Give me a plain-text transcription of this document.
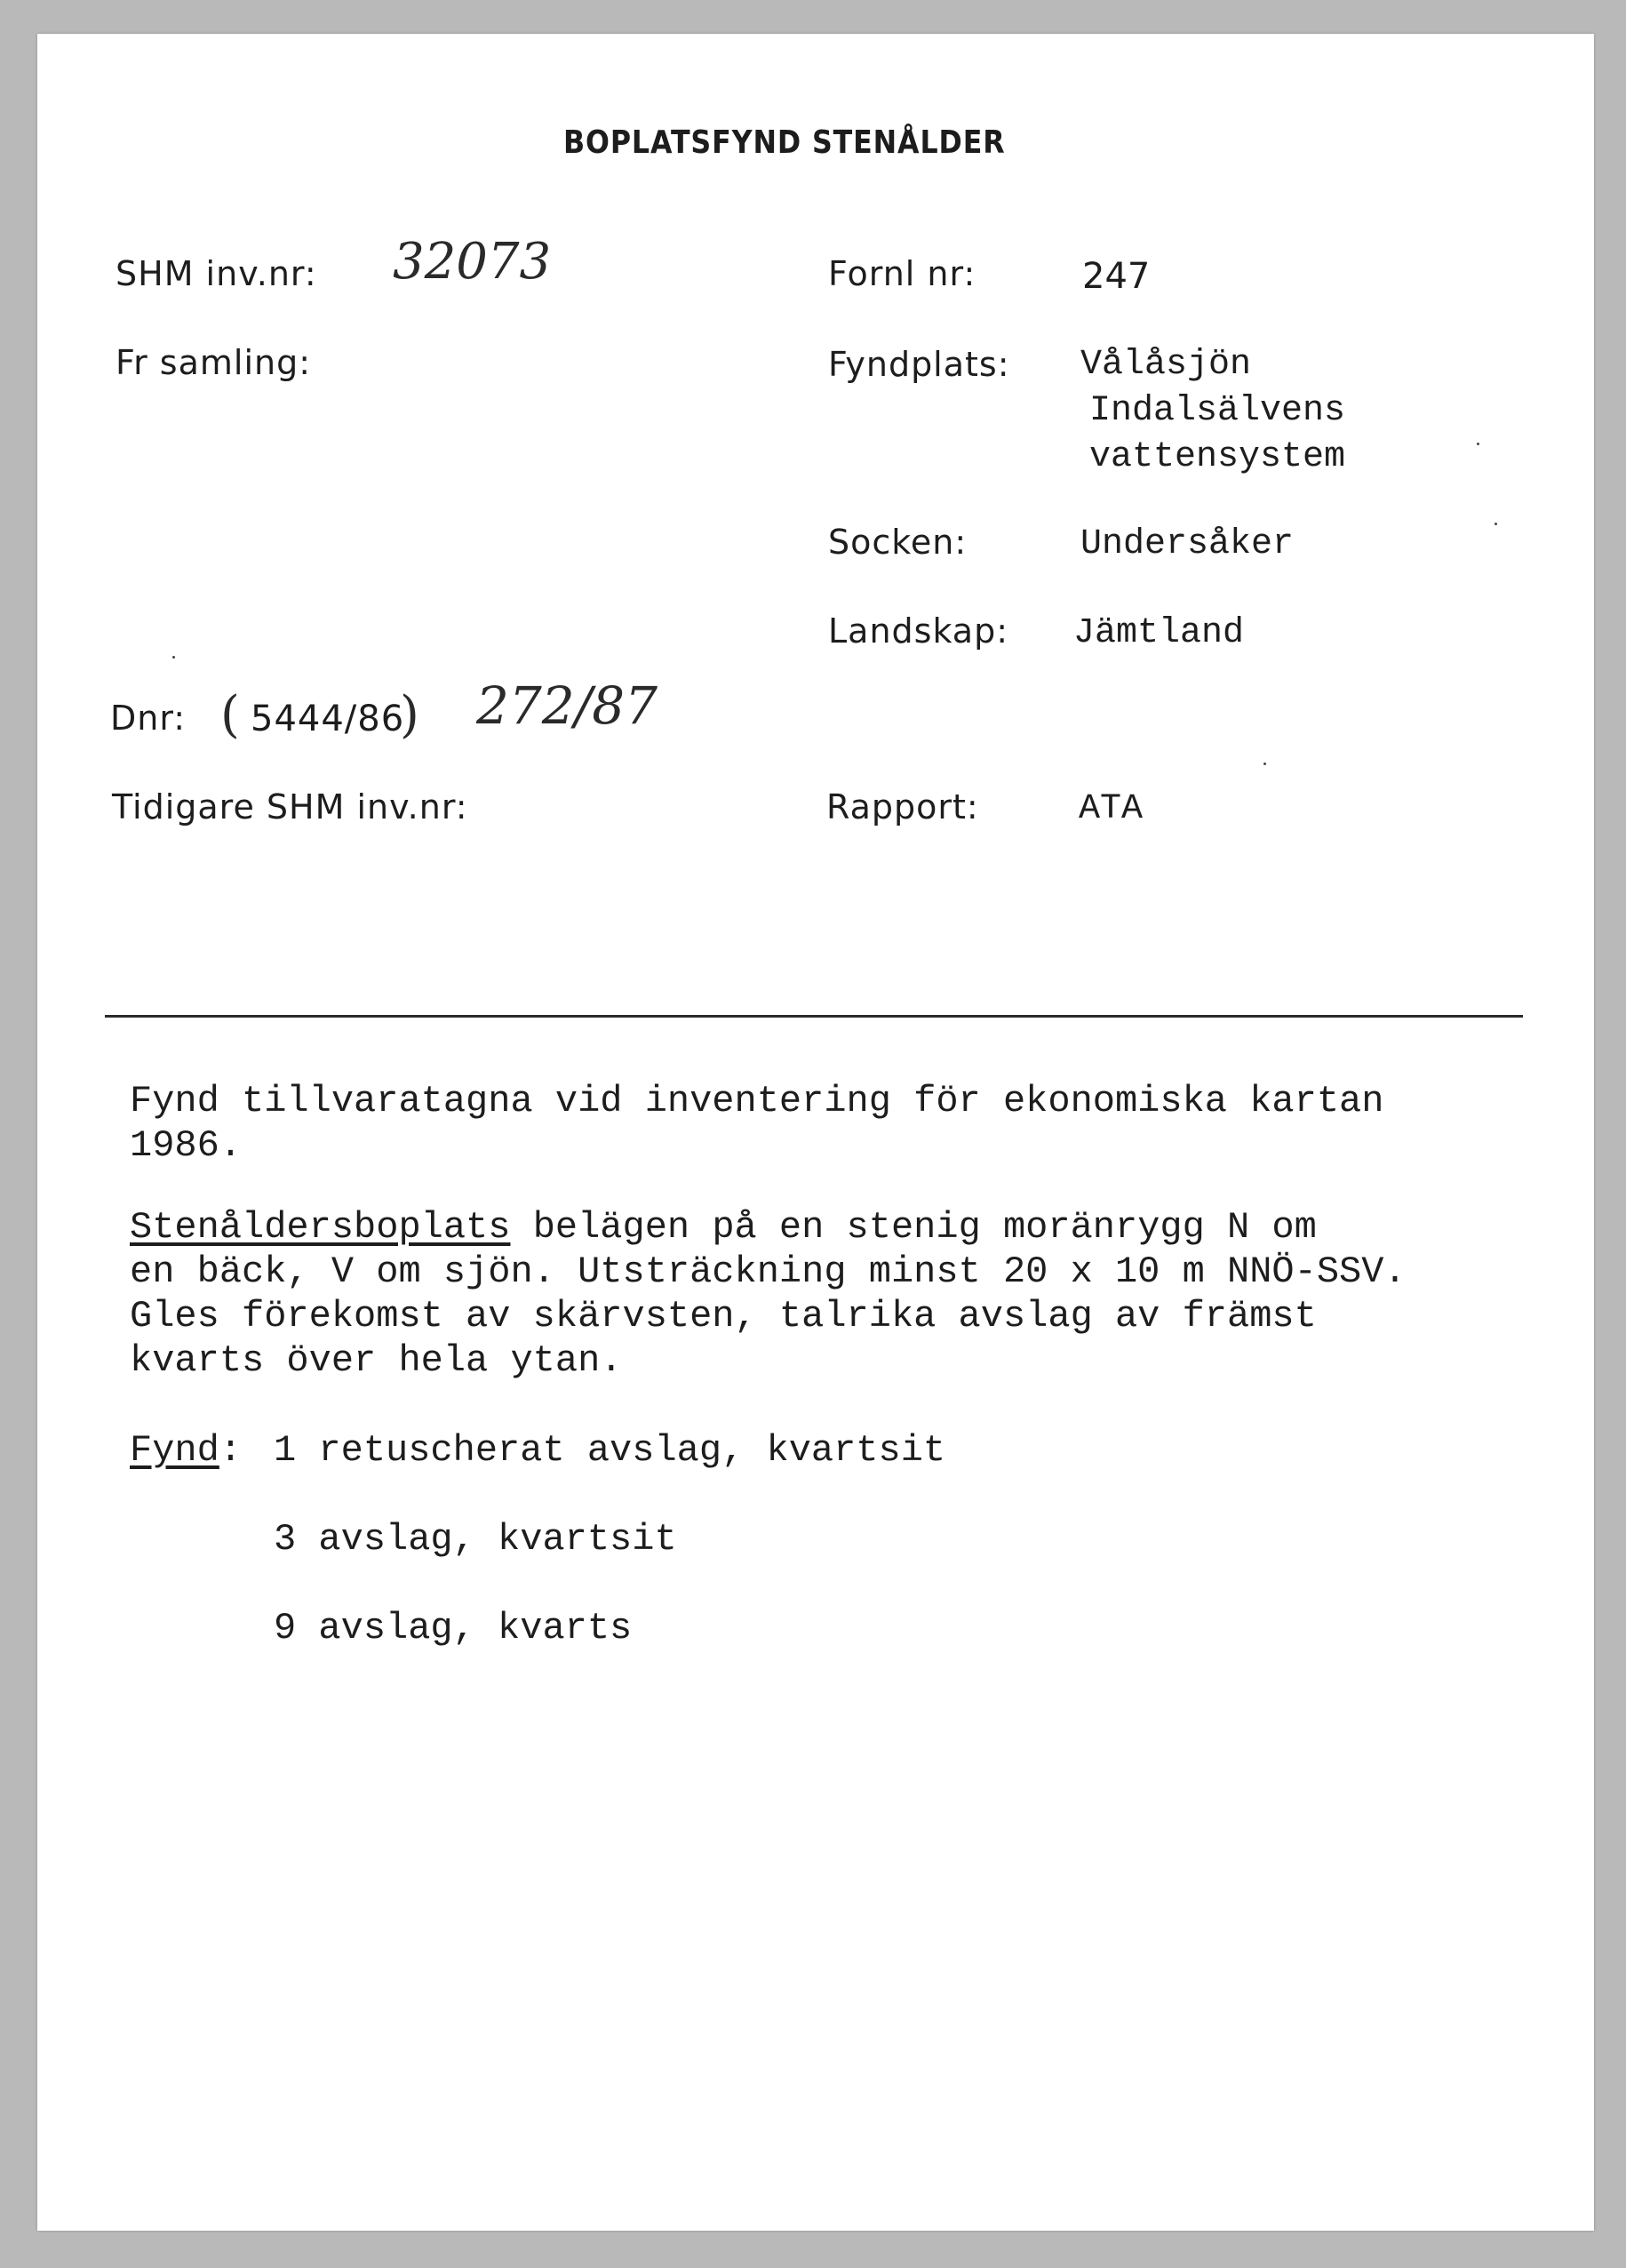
BOPLATSFYND STENÅLDER
SHM inv.nr: 32073
Fr samling:
Dnr: ( 5444/86
) 272/87
Tidigare SHM inv.nr:
Fornl nr:	247
Fyndplats: Vålåsjön
Indalsälvens
vattensystem
Socken:	Undersåker
Landskap: Jämtland
Rapport:	ATA
Fynd tillvaratagna vid inventering för ekonomiska kartan
1986.
Stenåldersboplats belägen på en stenig moränrygg N om
en bäck, V om sjön. Utsträckning minst 20 x 10 m NNÖ-SSV.
Gles förekomst av skärvsten, talrika avslag av främst
kvarts över hela ytan.
Fynd: 1 retuscherat avslag, kvartsit
3 avslag, kvartsit
9 avslag, kvarts
